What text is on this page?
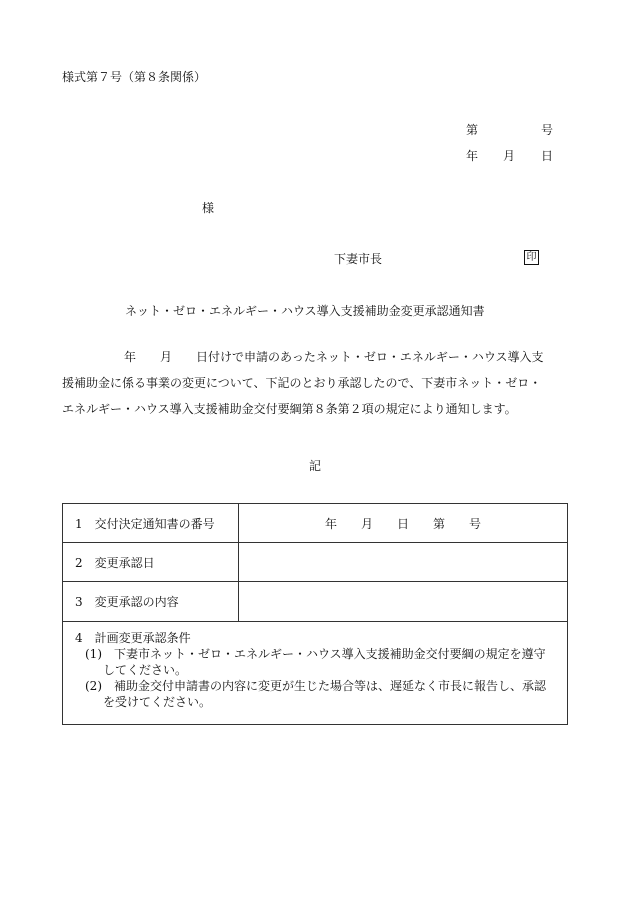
様式第７号（第８条関係）
第	号
年 月 日
様
下妻市長	印
ネット・ゼロ・エネルギー・ハウス導入支援補助金変更承認通知書

年　　月　　日付けで申請のあったネット・ゼロ・エネルギー・ハウス導入支

援補助金に係る事業の変更について、下記のとおり承認したので、下妻市ネット・ゼロ・

エネルギー・ハウス導入支援補助金交付要綱第８条第２項の規定により通知します。

記
1　交付決定通知書の番号	年　　月　　日　　第　　号
2　変更承認日	
3　変更承認の内容	

4　計画変更承認条件
(1)　下妻市ネット・ゼロ・エネルギー・ハウス導入支援補助金交付要綱の規定を遵守
してください。
(2)　補助金交付申請書の内容に変更が生じた場合等は、遅延なく市長に報告し、承認
を受けてください。	
